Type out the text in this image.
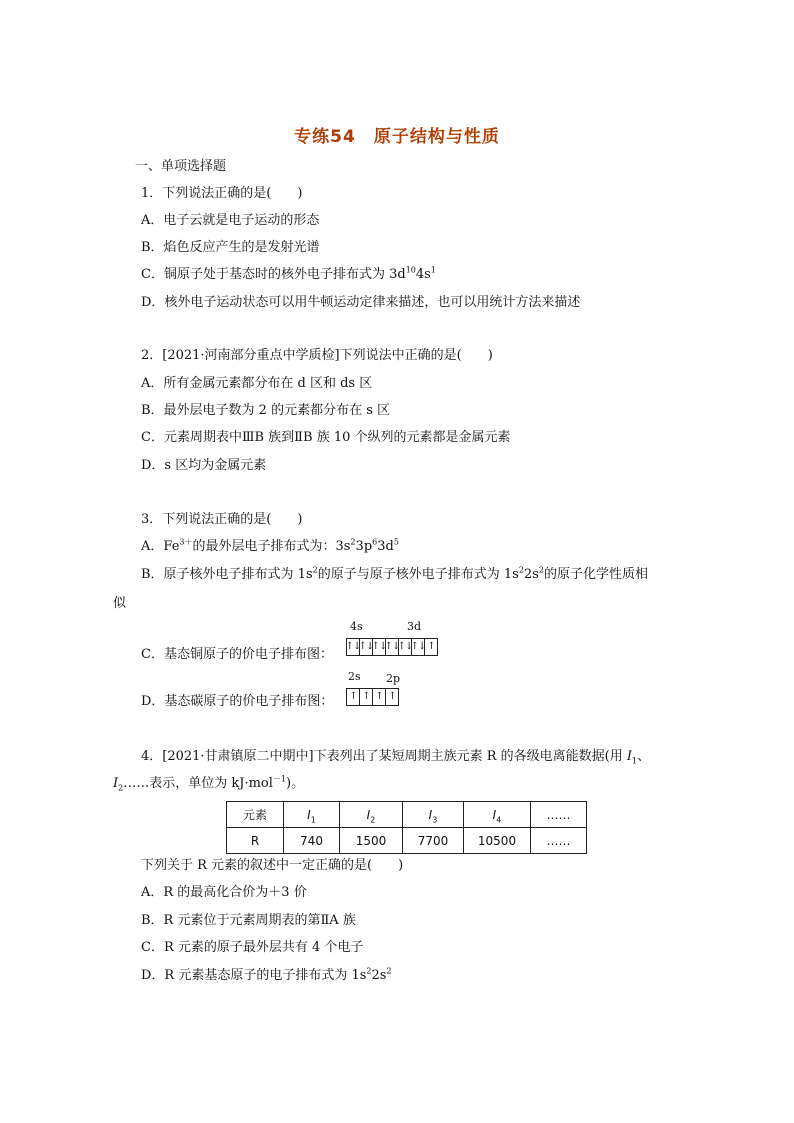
专练54　原子结构与性质
一、单项选择题
1．下列说法正确的是(　　)
A．电子云就是电子运动的形态
B．焰色反应产生的是发射光谱
C．铜原子处于基态时的核外电子排布式为 $3d^{10}4s^1$
D．核外电子运动状态可以用牛顿运动定律来描述，也可以用统计方法来描述
2．[2021·河南部分重点中学质检]下列说法中正确的是(　　)
A．所有金属元素都分布在 d 区和 ds 区
B．最外层电子数为 2 的元素都分布在 s 区
C．元素周期表中ⅢB 族到ⅡB 族 10 个纵列的元素都是金属元素
D．s 区均为金属元素
3．下列说法正确的是(　　)
A．$Fe^{3+}$的最外层电子排布式为：$3s^23p^63d^5$
B．原子核外电子排布式为 $1s^2$的原子与原子核外电子排布式为 $1s^22s^2$的原子化学性质相
似
C．基态铜原子的价电子排布图：
4s	3d
↑↓
↑↓
↑↓
↑↓
↑↓
↑↓ ↑
D．基态碳原子的价电子排布图：
2s 2p
↑ ↑ ↑ ↑
4．[2021·甘肃镇原二中期中]下表列出了某短周期主族元素 R 的各级电离能数据(用 $I_1$、
$I_2\dots\dots$表示，单位为 kJ·mol$^{-1}$)。
元素	$I_1$	$I_2$	$I_3$	$I_4$	……
R	740	1500	7700	10500	……
下列关于 R 元素的叙述中一定正确的是(　　)
A．R 的最高化合价为＋3 价
B．R 元素位于元素周期表的第ⅡA 族
C．R 元素的原子最外层共有 4 个电子
D．R 元素基态原子的电子排布式为 $1s^22s^2$
